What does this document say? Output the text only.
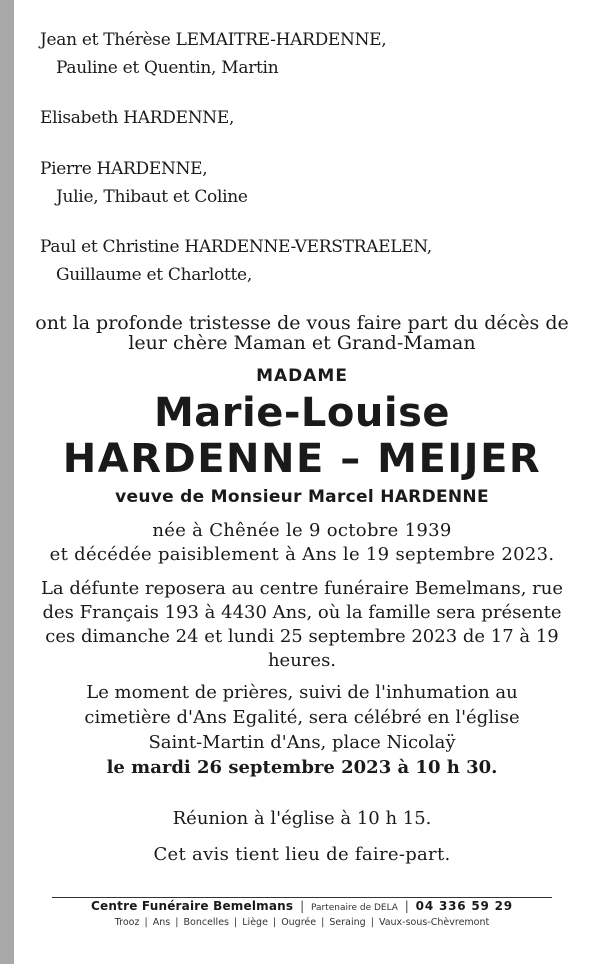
Jean et Thérèse LEMAITRE-HARDENNE,
Pauline et Quentin, Martin
Elisabeth HARDENNE,
Pierre HARDENNE,
Julie, Thibaut et Coline
Paul et Christine HARDENNE-VERSTRAELEN,
Guillaume et Charlotte,
ont la profonde tristesse de vous faire part du décès de
leur chère Maman et Grand-Maman
MADAME
Marie-Louise
HARDENNE – MEIJER
veuve de Monsieur Marcel HARDENNE
née à Chênée le 9 octobre 1939
et décédée paisiblement à Ans le 19 septembre 2023.
La défunte reposera au centre funéraire Bemelmans, rue
des Français 193 à 4430 Ans, où la famille sera présente
ces dimanche 24 et lundi 25 septembre 2023 de 17 à 19
heures.
Le moment de prières, suivi de l'inhumation au
cimetière d'Ans Egalité, sera célébré en l'église
Saint-Martin d'Ans, place Nicolaÿ
le mardi 26 septembre 2023 à 10 h 30.
Réunion à l'église à 10 h 15.
Cet avis tient lieu de faire-part.
Centre Funéraire Bemelmans | Partenaire de DELA | 04 336 59 29
Trooz | Ans | Boncelles | Liège | Ougrée | Seraing | Vaux-sous-Chèvremont
